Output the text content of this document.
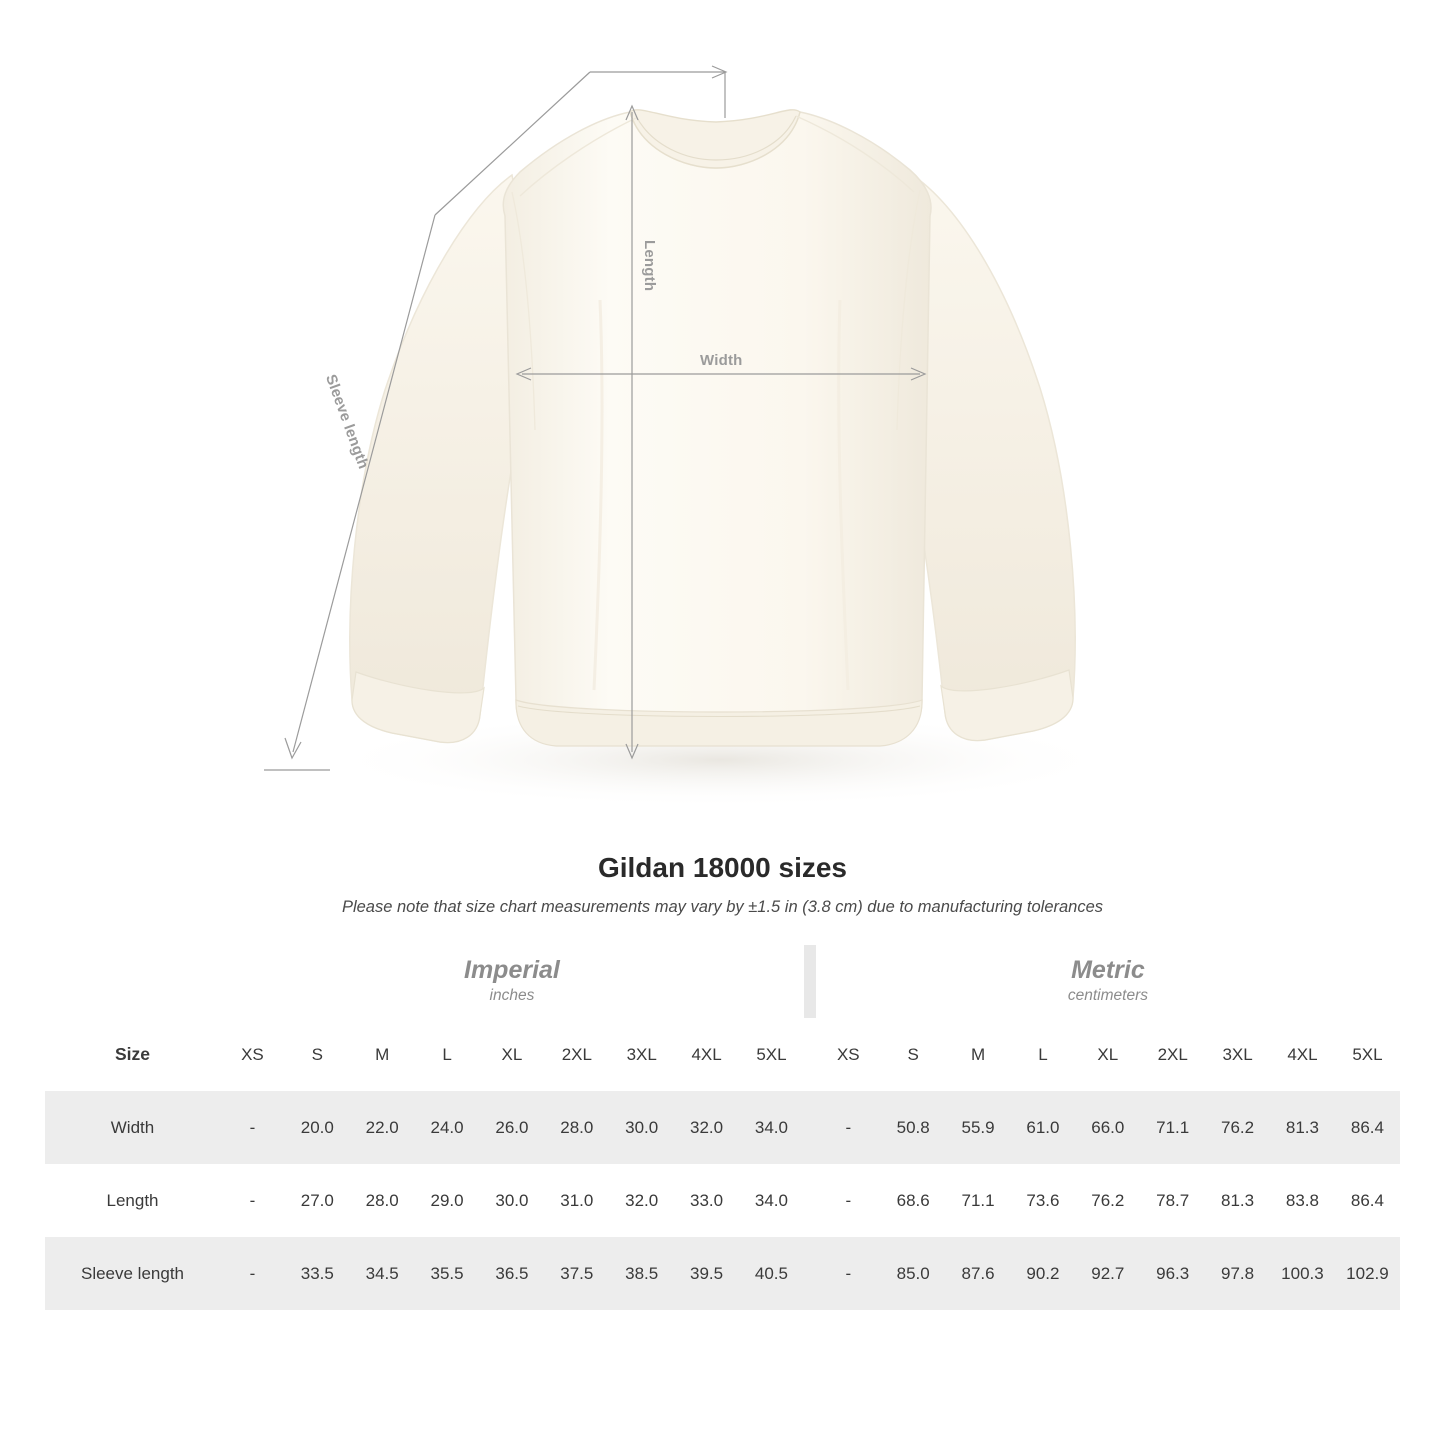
Length
Width
Sleeve length
Gildan 18000 sizes

Please note that size chart measurements may vary by ±1.5 in (3.8 cm) due to manufacturing tolerances

Imperial
inches

Metric
centimeters

Size	XS	S	M	L	XL	2XL	3XL	4XL	5XL		XS	S	M	L	XL	2XL	3XL	4XL	5XL
Width	-	20.0	22.0	24.0	26.0	28.0	30.0	32.0	34.0		-	50.8	55.9	61.0	66.0	71.1	76.2	81.3	86.4
Length	-	27.0	28.0	29.0	30.0	31.0	32.0	33.0	34.0		-	68.6	71.1	73.6	76.2	78.7	81.3	83.8	86.4
Sleeve length	-	33.5	34.5	35.5	36.5	37.5	38.5	39.5	40.5		-	85.0	87.6	90.2	92.7	96.3	97.8	100.3	102.9
